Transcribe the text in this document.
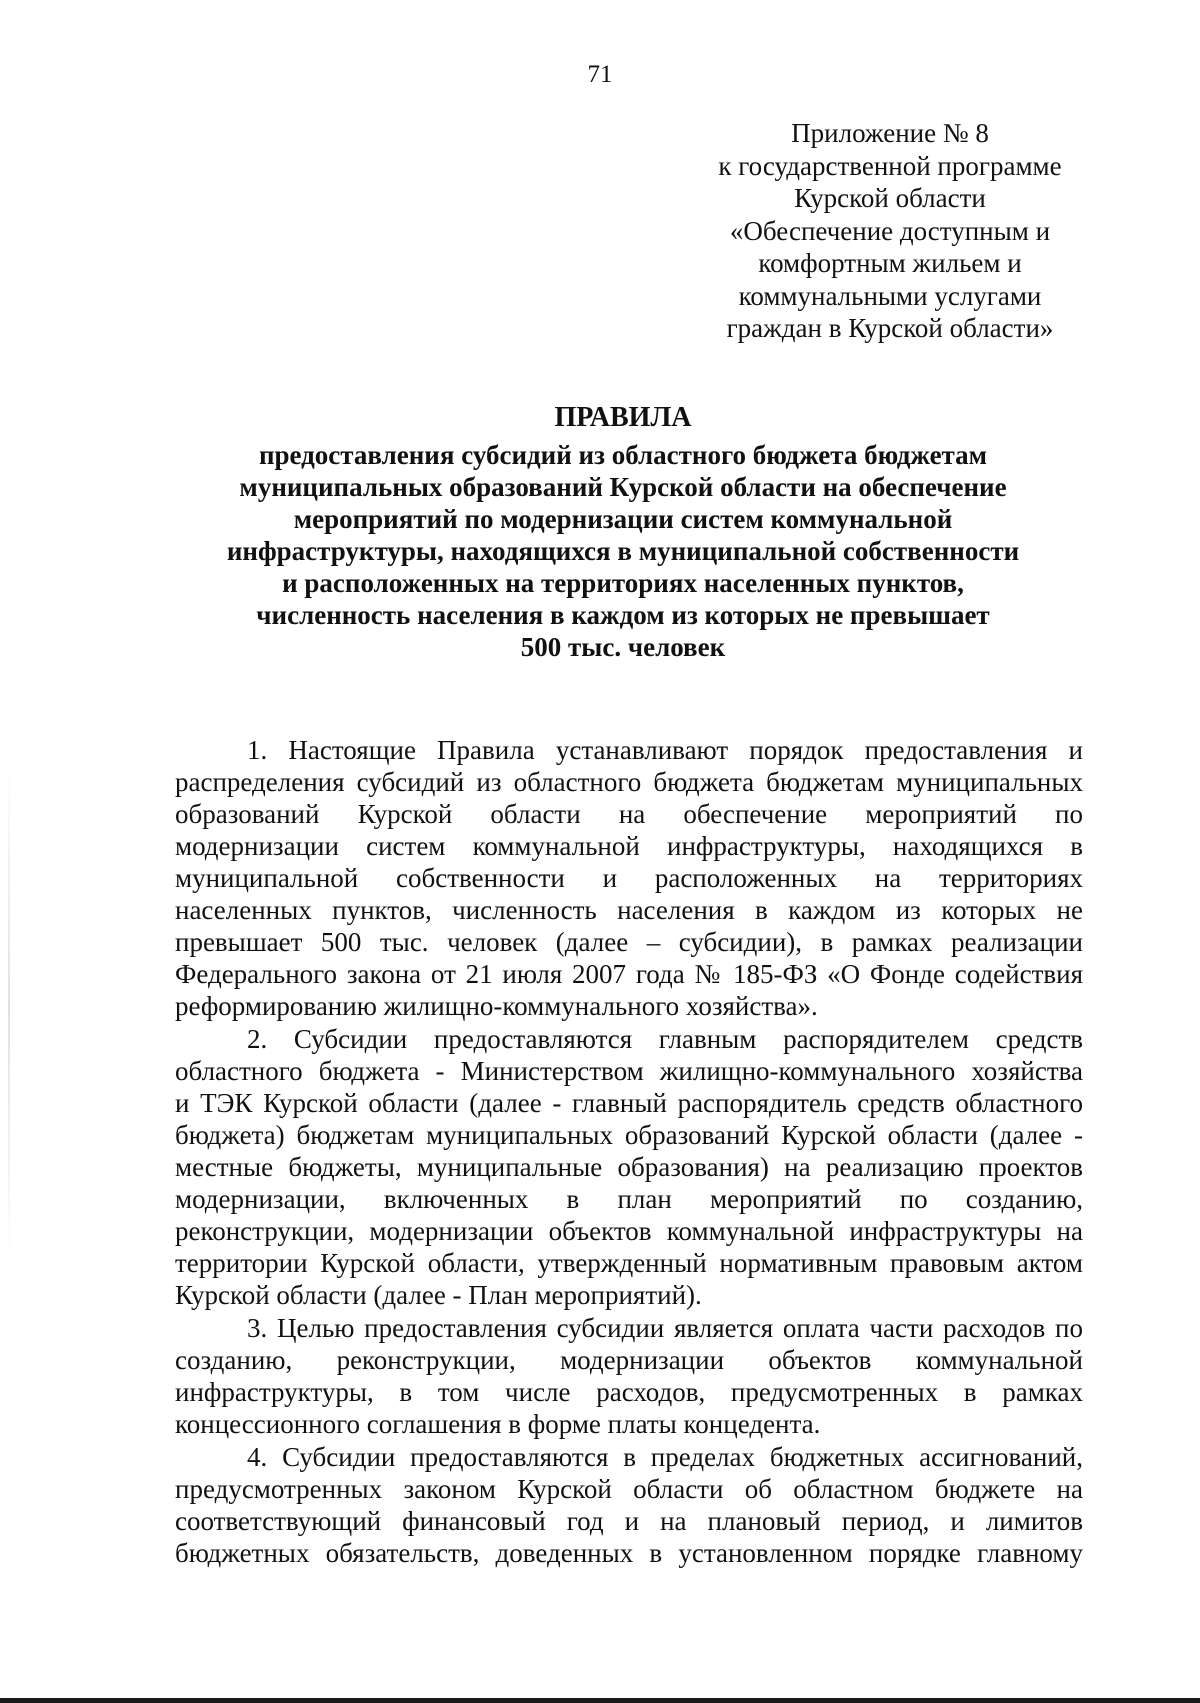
71
Приложение № 8
к государственной программе
Курской области
«Обеспечение доступным и
комфортным жильем и
коммунальными услугами
граждан в Курской области»
ПРАВИЛА
предоставления субсидий из областного бюджета бюджетам
муниципальных образований Курской области на обеспечение
мероприятий по модернизации систем коммунальной
инфраструктуры, находящихся в муниципальной собственности
и расположенных на территориях населенных пунктов,
численность населения в каждом из которых не превышает
500 тыс. человек
1. Настоящие Правила устанавливают порядок предоставления и
распределения субсидий из областного бюджета бюджетам муниципальных
образований Курской области на обеспечение мероприятий по
модернизации систем коммунальной инфраструктуры, находящихся в
муниципальной собственности и расположенных на территориях
населенных пунктов, численность населения в каждом из которых не
превышает 500 тыс. человек (далее – субсидии), в рамках реализации
Федерального закона от 21 июля 2007 года № 185-ФЗ «О Фонде содействия
реформированию жилищно-коммунального хозяйства».
2. Субсидии предоставляются главным распорядителем средств
областного бюджета - Министерством жилищно-коммунального хозяйства
и ТЭК Курской области (далее - главный распорядитель средств областного
бюджета) бюджетам муниципальных образований Курской области (далее -
местные бюджеты, муниципальные образования) на реализацию проектов
модернизации, включенных в план мероприятий по созданию,
реконструкции, модернизации объектов коммунальной инфраструктуры на
территории Курской области, утвержденный нормативным правовым актом
Курской области (далее - План мероприятий).
3. Целью предоставления субсидии является оплата части расходов по
созданию, реконструкции, модернизации объектов коммунальной
инфраструктуры, в том числе расходов, предусмотренных в рамках
концессионного соглашения в форме платы концедента.
4. Субсидии предоставляются в пределах бюджетных ассигнований,
предусмотренных законом Курской области об областном бюджете на
соответствующий финансовый год и на плановый период, и лимитов
бюджетных обязательств, доведенных в установленном порядке главному
